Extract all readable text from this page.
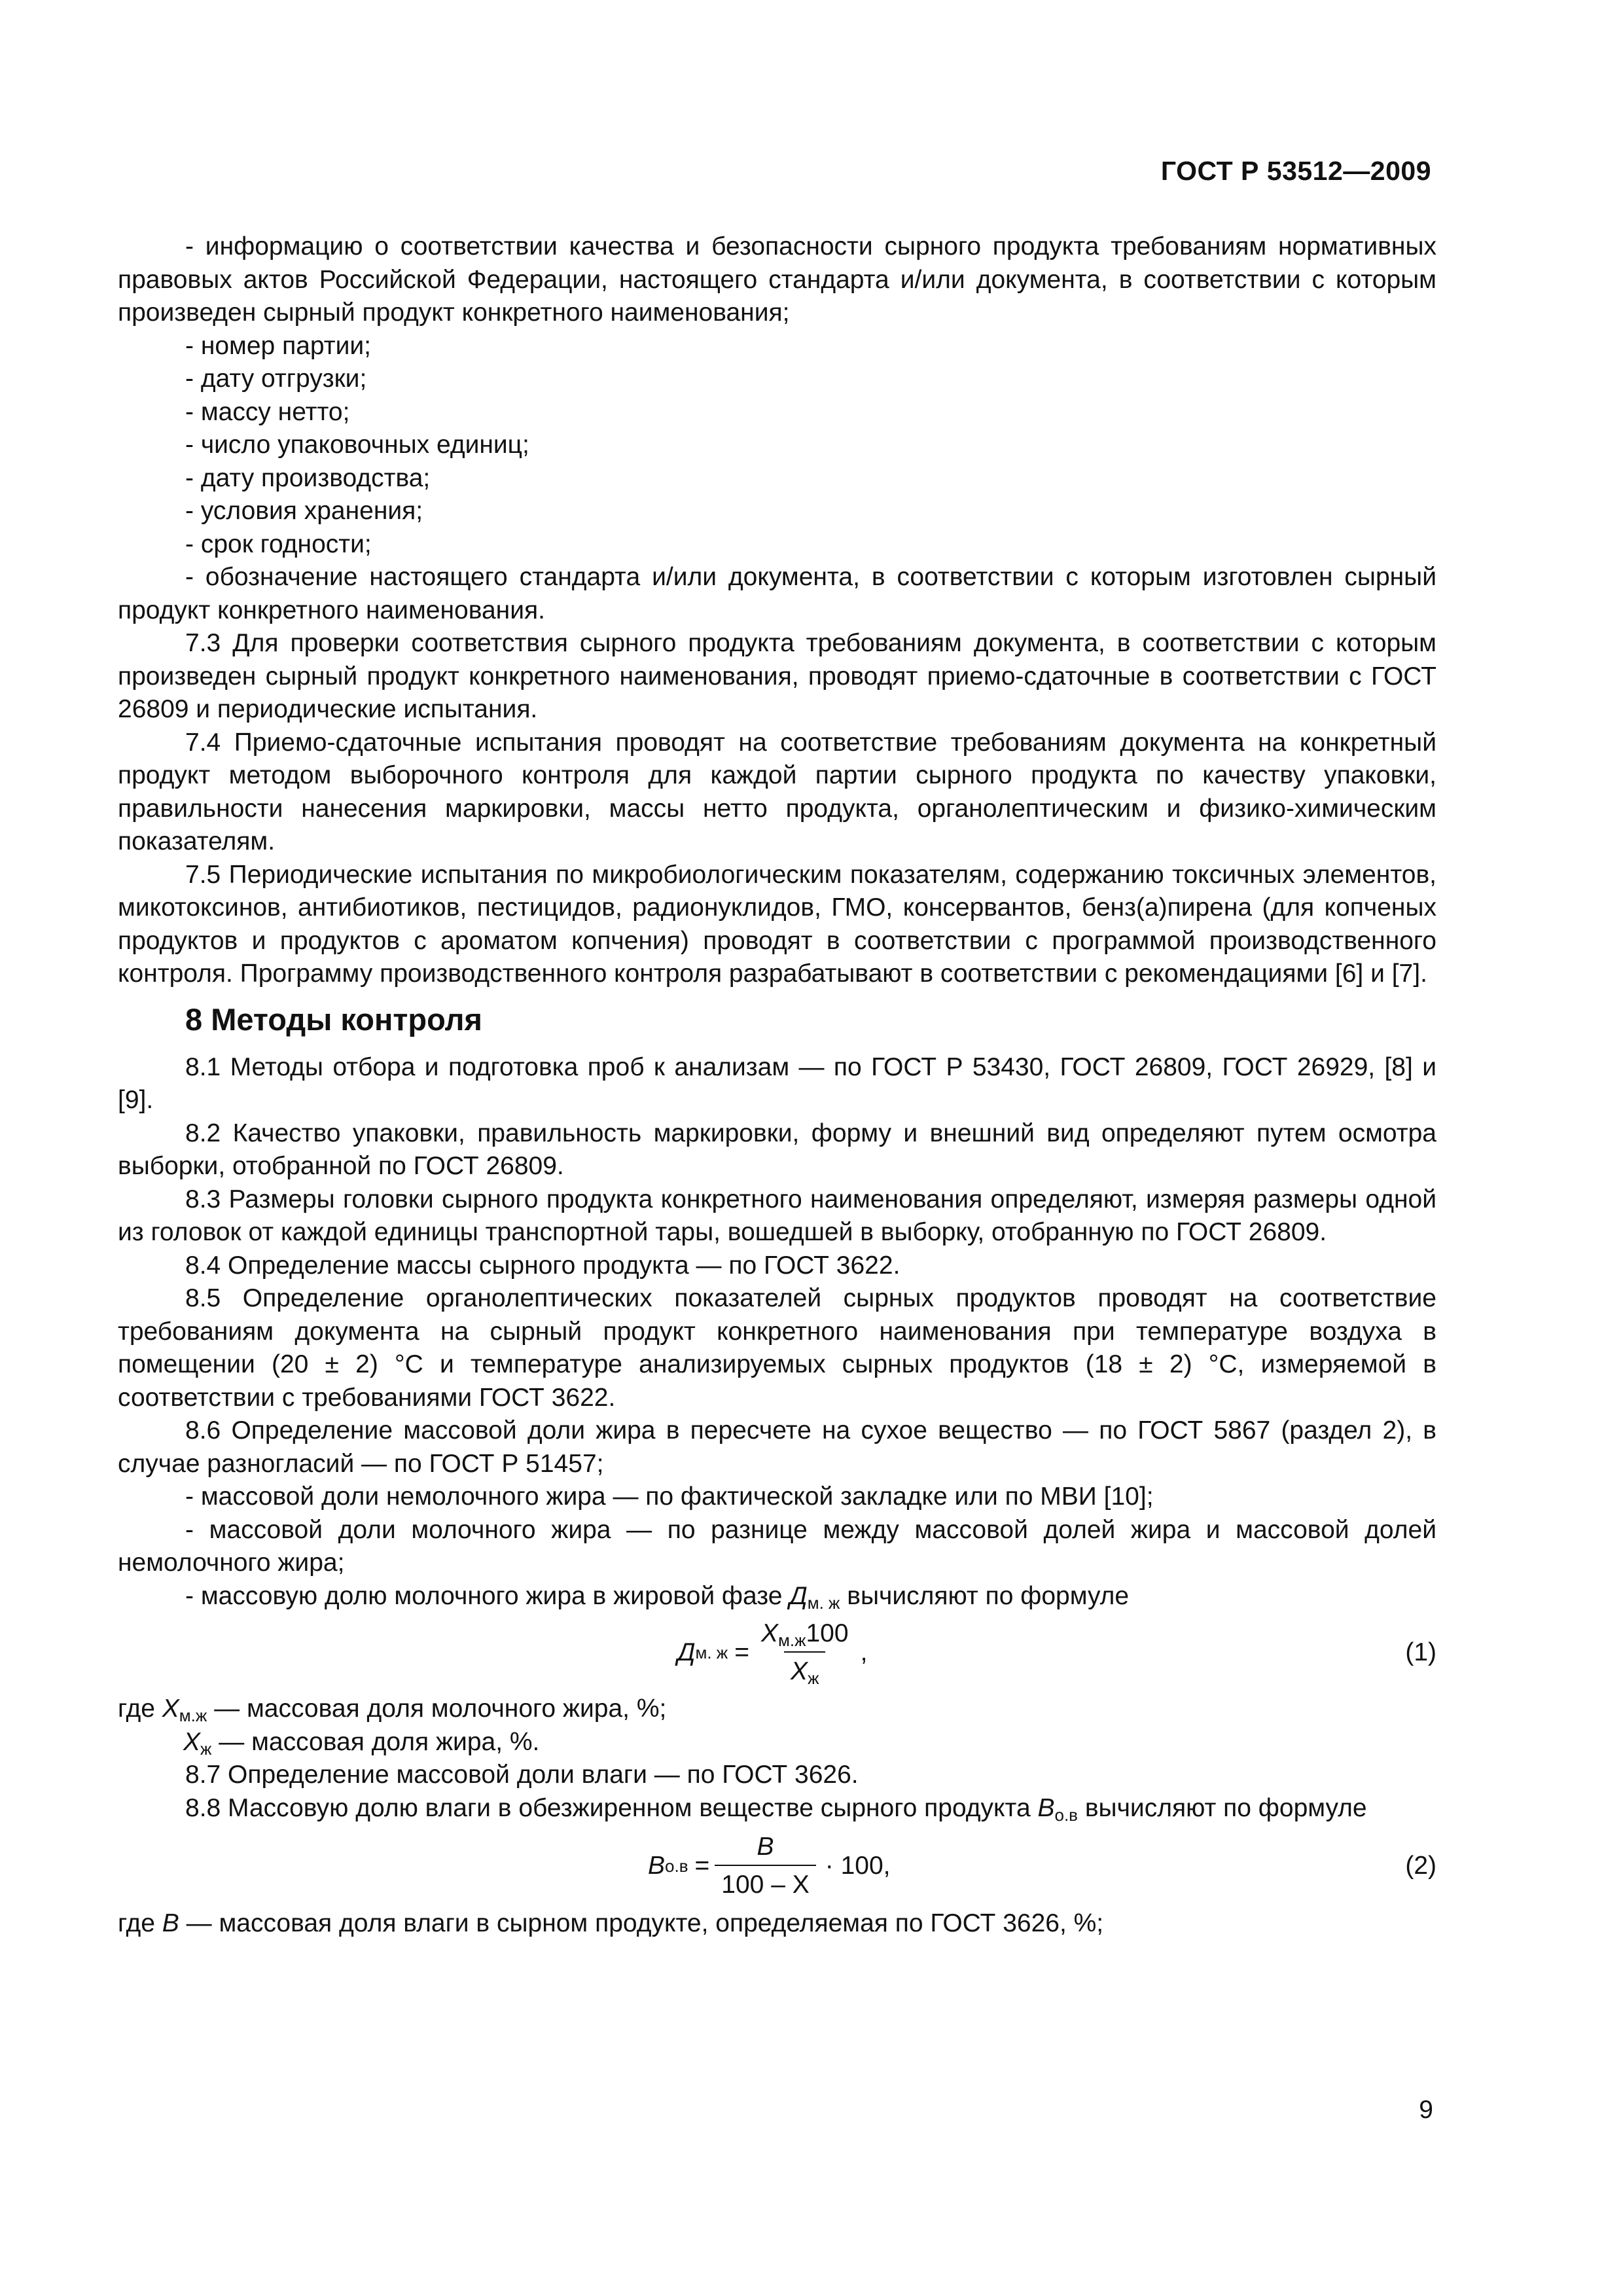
ГОСТ Р 53512—2009

- информацию о соответствии качества и безопасности сырного продукта требованиям нормативных правовых актов Российской Федерации, настоящего стандарта и/или документа, в соответствии с которым произведен сырный продукт конкретного наименования;

- номер партии;

- дату отгрузки;

- массу нетто;

- число упаковочных единиц;

- дату производства;

- условия хранения;

- срок годности;

- обозначение настоящего стандарта и/или документа, в соответствии с которым изготовлен сырный продукт конкретного наименования.

7.3 Для проверки соответствия сырного продукта требованиям документа, в соответствии с которым произведен сырный продукт конкретного наименования, проводят приемо-сдаточные в соответствии с ГОСТ 26809 и периодические испытания.

7.4 Приемо-сдаточные испытания проводят на соответствие требованиям документа на конкретный продукт методом выборочного контроля для каждой партии сырного продукта по качеству упаковки, правильности нанесения маркировки, массы нетто продукта, органолептическим и физико-химическим показателям.

7.5 Периодические испытания по микробиологическим показателям, содержанию токсичных элементов, микотоксинов, антибиотиков, пестицидов, радионуклидов, ГМО, консервантов, бенз(а)пирена (для копченых продуктов и продуктов с ароматом копчения) проводят в соответствии с программой производственного контроля. Программу производственного контроля разрабатывают в соответствии с рекомендациями [6] и [7].

8 Методы контроля

8.1 Методы отбора и подготовка проб к анализам — по ГОСТ Р 53430, ГОСТ 26809, ГОСТ 26929, [8] и [9].

8.2 Качество упаковки, правильность маркировки, форму и внешний вид определяют путем осмотра выборки, отобранной по ГОСТ 26809.

8.3 Размеры головки сырного продукта конкретного наименования определяют, измеряя размеры одной из головок от каждой единицы транспортной тары, вошедшей в выборку, отобранную по ГОСТ 26809.

8.4 Определение массы сырного продукта — по ГОСТ 3622.

8.5 Определение органолептических показателей сырных продуктов проводят на соответствие требованиям документа на сырный продукт конкретного наименования при температуре воздуха в помещении (20 ± 2) °С и температуре анализируемых сырных продуктов (18 ± 2) °С, измеряемой в соответствии с требованиями ГОСТ 3622.

8.6 Определение массовой доли жира в пересчете на сухое вещество — по ГОСТ 5867 (раздел 2), в случае разногласий — по ГОСТ Р 51457;

- массовой доли немолочного жира — по фактической закладке или по МВИ [10];

- массовой доли молочного жира — по разнице между массовой долей жира и массовой долей немолочного жира;

- массовую долю молочного жира в жировой фазе $Д_{м. ж}$ вычисляют по формуле

Д м. $ж = \frac{Х_{м.ж}100}{Х_ж}$ ,	(1)

где $Х_{м.ж}$ — массовая доля молочного жира, %;

$Х_ж$ — массовая доля жира, %.

8.7 Определение массовой доли влаги — по ГОСТ 3626.

8.8 Массовую долю влаги в обезжиренном веществе сырного продукта $В_{о.в}$ вычисляют по формуле

В $о.в = \frac{В}{100 - Х} \cdot 100$,	(2)

где В — массовая доля влаги в сырном продукте, определяемая по ГОСТ 3626, %;

9
